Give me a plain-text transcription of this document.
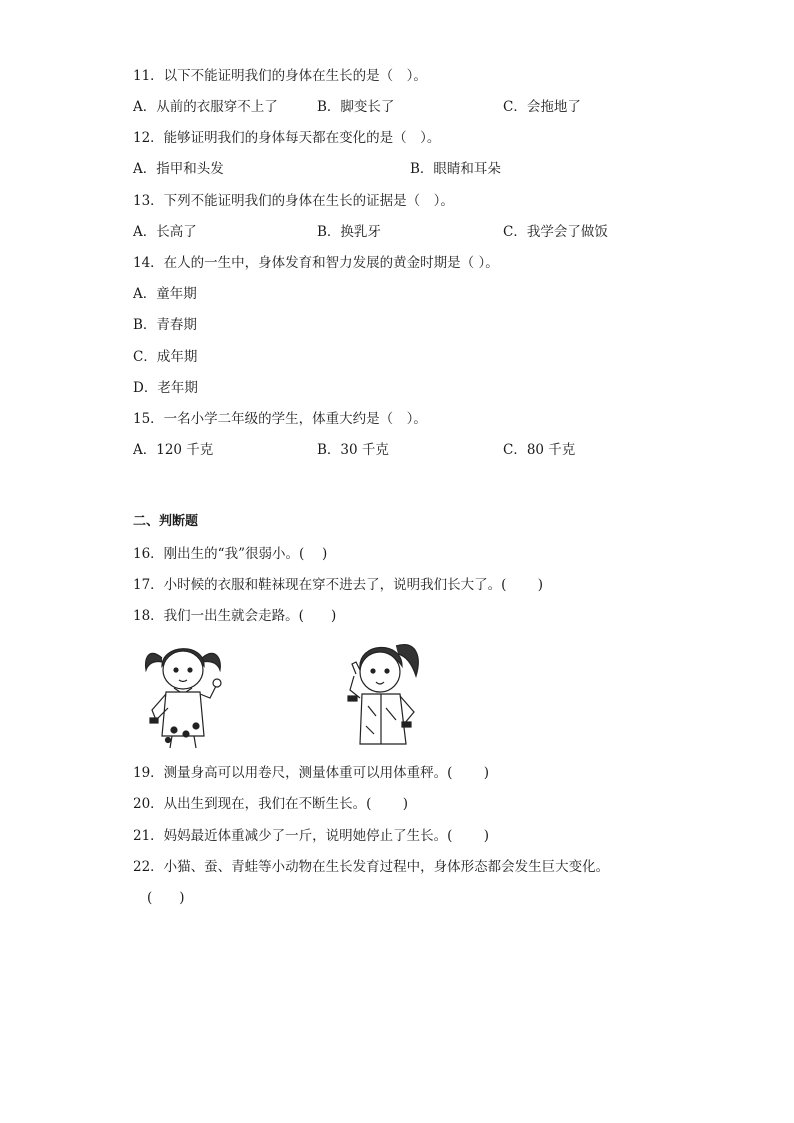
11．以下不能证明我们的身体在生长的是（　）。
A．从前的衣服穿不上了	B．脚变长了	C．会拖地了
12．能够证明我们的身体每天都在变化的是（　）。
A．指甲和头发	B．眼睛和耳朵
13．下列不能证明我们的身体在生长的证据是（　）。
A．长高了	B．换乳牙	C．我学会了做饭
14．在人的一生中，身体发育和智力发展的黄金时期是（ ）。
A．童年期
B．青春期
C．成年期
D．老年期
15．一名小学二年级的学生，体重大约是（　）。
A．120 千克	B．30 千克	C．80 千克
二、判断题
16．刚出生的“我”很弱小。(　 )
17．小时候的衣服和鞋袜现在穿不进去了，说明我们长大了。(　　 )
18．我们一出生就会走路。(　　)
19．测量身高可以用卷尺，测量体重可以用体重秤。(　　 )
20．从出生到现在，我们在不断生长。(　　 )
21．妈妈最近体重减少了一斤，说明她停止了生长。(　　 )
22．小猫、蚕、青蛙等小动物在生长发育过程中，身体形态都会发生巨大变化。
(　　)
